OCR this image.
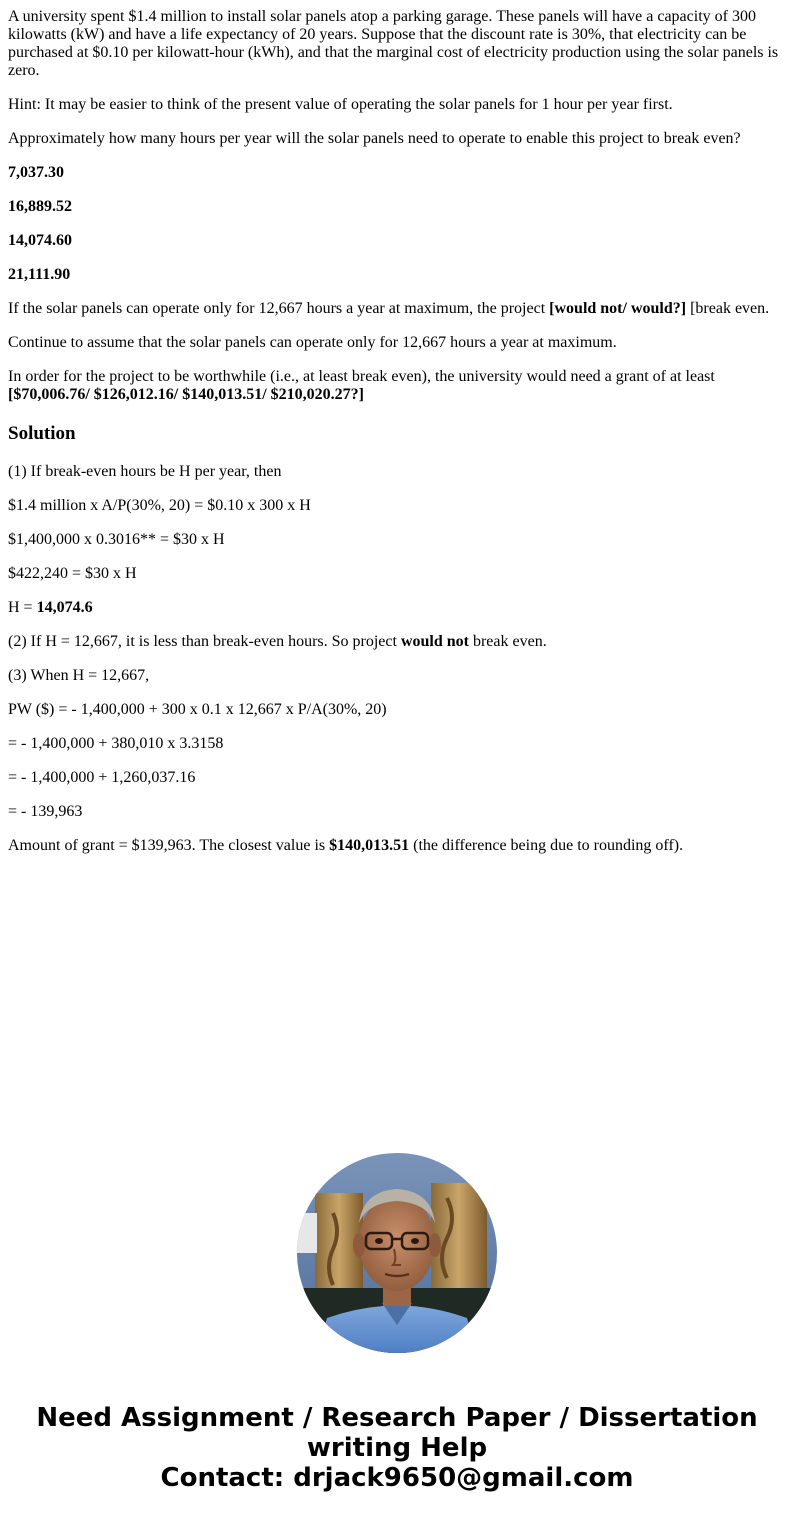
A university spent $1.4 million to install solar panels atop a parking garage. These panels will have a capacity of 300 kilowatts (kW) and have a life expectancy of 20 years. Suppose that the discount rate is 30%, that electricity can be purchased at $0.10 per kilowatt-hour (kWh), and that the marginal cost of electricity production using the solar panels is zero.

Hint: It may be easier to think of the present value of operating the solar panels for 1 hour per year first.

Approximately how many hours per year will the solar panels need to operate to enable this project to break even?

7,037.30

16,889.52

14,074.60

21,111.90

If the solar panels can operate only for 12,667 hours a year at maximum, the project [would not/ would?] [break even.

Continue to assume that the solar panels can operate only for 12,667 hours a year at maximum.

In order for the project to be worthwhile (i.e., at least break even), the university would need a grant of at least [$70,006.76/ $126,012.16/ $140,013.51/ $210,020.27?]

Solution

(1) If break-even hours be H per year, then

$1.4 million x A/P(30%, 20) = $0.10 x 300 x H

$1,400,000 x 0.3016** = $30 x H

$422,240 = $30 x H

H = 14,074.6

(2) If H = 12,667, it is less than break-even hours. So project would not break even.

(3) When H = 12,667,

PW ($) = - 1,400,000 + 300 x 0.1 x 12,667 x P/A(30%, 20)

= - 1,400,000 + 380,010 x 3.3158

= - 1,400,000 + 1,260,037.16

= - 139,963

Amount of grant = $139,963. The closest value is $140,013.51 (the difference being due to rounding off).

Need Assignment / Research Paper / Dissertation
writing Help
Contact: drjack9650@gmail.com
